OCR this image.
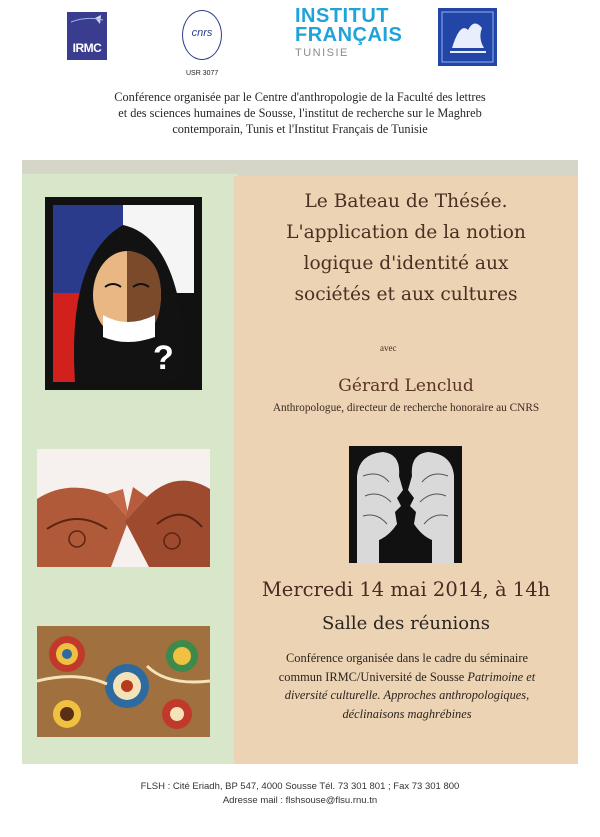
IRMC
cnrs
USR 3077
INSTITUT
FRANÇAIS
TUNISIE
Conférence organisée par le Centre d'anthropologie de la Faculté des lettres
et des sciences humaines de Sousse, l'institut de recherche sur le Maghreb
contemporain, Tunis et l'Institut Français de Tunisie
?
Le Bateau de Thésée.
L'application de la notion
logique d'identité aux
sociétés et aux cultures
avec
Gérard Lenclud
Anthropologue, directeur de recherche honoraire au CNRS
Mercredi 14 mai 2014, à 14h
Salle des réunions
Conférence organisée dans le cadre du séminaire
commun IRMC/Université de Sousse Patrimoine et
diversité culturelle. Approches anthropologiques,
déclinaisons maghrébines
FLSH : Cité Eriadh, BP 547, 4000 Sousse Tél. 73 301 801 ; Fax 73 301 800
Adresse mail : flshsouse@flsu.rnu.tn
